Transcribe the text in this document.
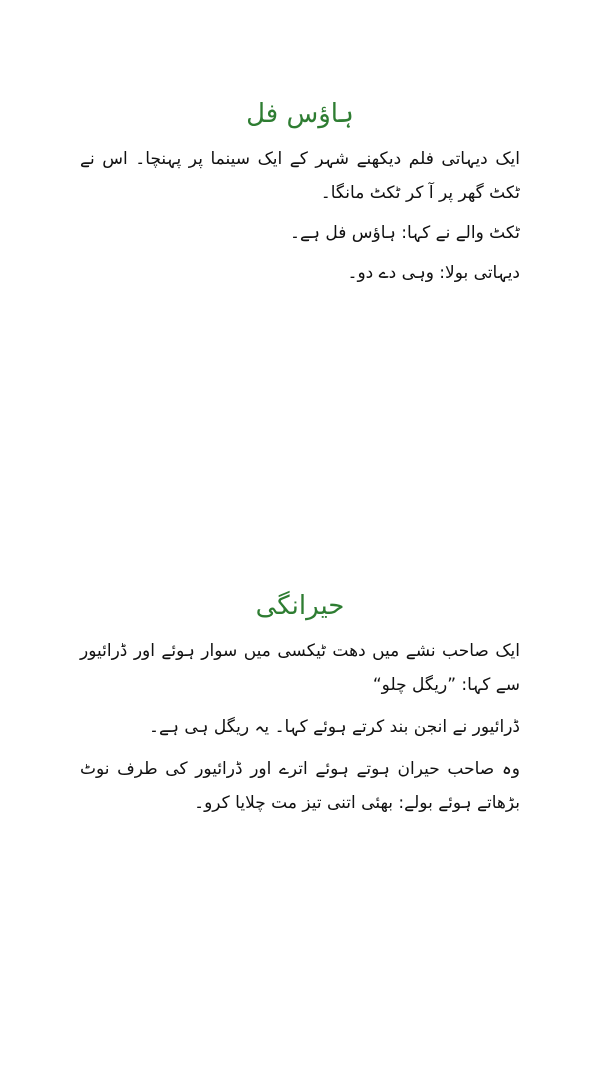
ہاؤس فل

ایک دیہاتی فلم دیکھنے شہر کے ایک سینما پر پہنچا۔ اس نے ٹکٹ گھر پر آ کر ٹکٹ مانگا۔

ٹکٹ والے نے کہا: ہاؤس فل ہے۔

دیہاتی بولا: وہی دے دو۔

حیرانگی

ایک صاحب نشے میں دھت ٹیکسی میں سوار ہوئے اور ڈرائیور سے کہا: ”ریگل چلو“

ڈرائیور نے انجن بند کرتے ہوئے کہا۔ یہ ریگل ہی ہے۔

وہ صاحب حیران ہوتے ہوئے اترے اور ڈرائیور کی طرف نوٹ بڑھاتے ہوئے بولے: بھئی اتنی تیز مت چلایا کرو۔
